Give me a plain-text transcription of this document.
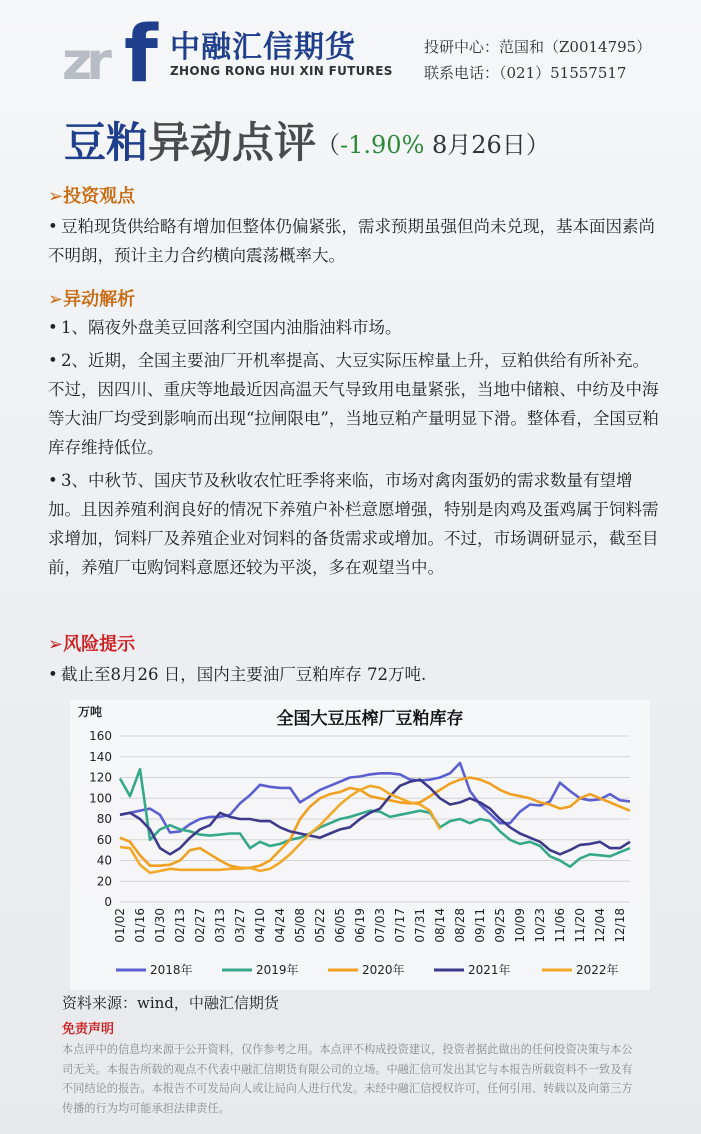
zr f 中融汇信期货
ZHONG RONG HUI XIN FUTURES
投研中心：范国和（Z0014795）
联系电话：（021）51557517
豆粕异动点评（-1.90% 8月26日）
➢投资观点
• 豆粕现货供给略有增加但整体仍偏紧张，需求预期虽强但尚未兑现，基本面因素尚不明朗，预计主力合约横向震荡概率大。
➢异动解析
• 1、隔夜外盘美豆回落利空国内油脂油料市场。
• 2、近期，全国主要油厂开机率提高、大豆实际压榨量上升，豆粕供给有所补充。不过，因四川、重庆等地最近因高温天气导致用电量紧张，当地中储粮、中纺及中海等大油厂均受到影响而出现“拉闸限电”，当地豆粕产量明显下滑。整体看，全国豆粕库存维持低位。
• 3、中秋节、国庆节及秋收农忙旺季将来临，市场对禽肉蛋奶的需求数量有望增加。且因养殖利润良好的情况下养殖户补栏意愿增强，特别是肉鸡及蛋鸡属于饲料需求增加，饲料厂及养殖企业对饲料的备货需求或增加。不过，市场调研显示，截至目前，养殖厂屯购饲料意愿还较为平淡，多在观望当中。
➢风险提示
• 截止至8月26 日，国内主要油厂豆粕库存 72万吨.
全国大豆压榨厂豆粕库存
万吨
0
20
40
60
80
100
120
140
160
01/02 01/16 01/30 02/13 02/27 03/13 03/27 04/10 04/24 05/08 05/22 06/05 06/19 07/03 07/17 07/31 08/14 08/28 09/11 09/25 10/09 10/23 11/06 11/20 12/04 12/18
2018年	2019年	2020年	2021年	2022年
资料来源：wind，中融汇信期货
免责声明
本点评中的信息均来源于公开资料，仅作参考之用。本点评不构成投资建议，投资者据此做出的任何投资决策与本公司无关。本报告所载的观点不代表中融汇信期货有限公司的立场。中融汇信可发出其它与本报告所载资料不一致及有不同结论的报告。本报告不可发局向人或让局向人进行代发。未经中融汇信授权许可，任何引用、转载以及向第三方传播的行为均可能承担法律责任。
